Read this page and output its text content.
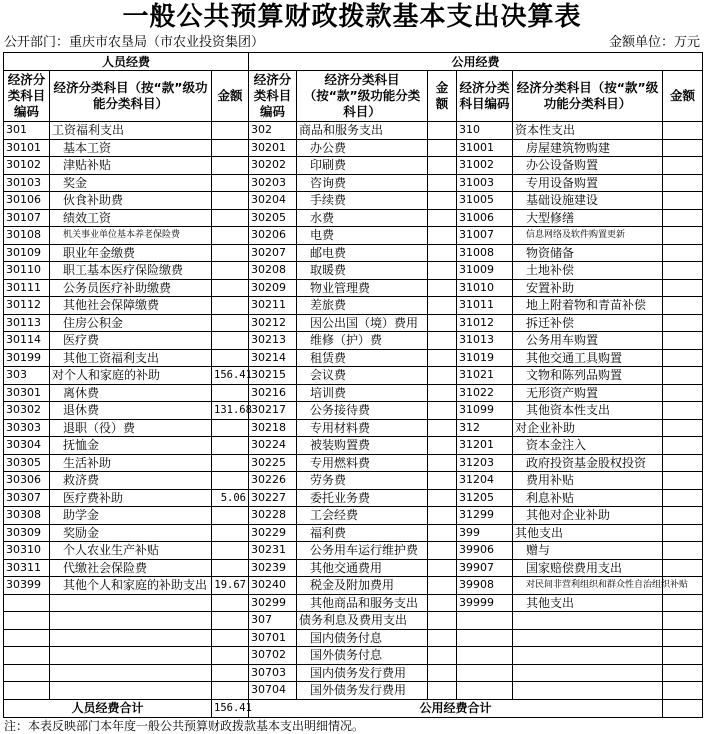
一般公共预算财政拨款基本支出决算表
公开部门：重庆市农垦局（市农业投资集团）	金额单位：万元
人员经费			公用经费					
经济分类科目编码	经济分类科目（按“款”级功能分类科目）	金额	经济分类科目编码	经济分类科目（按“款”级功能分类科目）	金额	经济分类科目编码	经济分类科目（按“款”级功能分类科目）	金额
301	工资福利支出		302	商品和服务支出		310	资本性支出	
30101	基本工资		30201	办公费		31001	房屋建筑物购建	
30102	津贴补贴		30202	印刷费		31002	办公设备购置	
30103	奖金		30203	咨询费		31003	专用设备购置	
30106	伙食补助费		30204	手续费		31005	基础设施建设	
30107	绩效工资		30205	水费		31006	大型修缮	
30108	机关事业单位基本养老保险费		30206	电费		31007	信息网络及软件购置更新	
30109	职业年金缴费		30207	邮电费		31008	物资储备	
30110	职工基本医疗保险缴费		30208	取暖费		31009	土地补偿	
30111	公务员医疗补助缴费		30209	物业管理费		31010	安置补助	
30112	其他社会保障缴费		30211	差旅费		31011	地上附着物和青苗补偿	
30113	住房公积金		30212	因公出国（境）费用		31012	拆迁补偿	
30114	医疗费		30213	维修（护）费		31013	公务用车购置	
30199	其他工资福利支出		30214	租赁费		31019	其他交通工具购置	
303	对个人和家庭的补助	156.41	30215	会议费		31021	文物和陈列品购置	
30301	离休费		30216	培训费		31022	无形资产购置	
30302	退休费	131.68	30217	公务接待费		31099	其他资本性支出	
30303	退职（役）费		30218	专用材料费		312	对企业补助	
30304	抚恤金		30224	被装购置费		31201	资本金注入	
30305	生活补助		30225	专用燃料费		31203	政府投资基金股权投资	
30306	救济费		30226	劳务费		31204	费用补贴	
30307	医疗费补助	5.06	30227	委托业务费		31205	利息补贴	
30308	助学金		30228	工会经费		31299	其他对企业补助	
30309	奖励金		30229	福利费		399	其他支出	
30310	个人农业生产补贴		30231	公务用车运行维护费		39906	赠与	
30311	代缴社会保险费		30239	其他交通费用		39907	国家赔偿费用支出	
30399	其他个人和家庭的补助支出	19.67	30240	税金及附加费用		39908	对民间非营利组织和群众性自治组织补贴	
			30299	其他商品和服务支出		39999	其他支出	
			307	债务利息及费用支出				
			30701	国内债务付息				
			30702	国外债务付息				
			30703	国内债务发行费用				
			30704	国外债务发行费用				
人员经费合计		156.41	公用经费合计					
注：本表反映部门本年度一般公共预算财政拨款基本支出明细情况。
